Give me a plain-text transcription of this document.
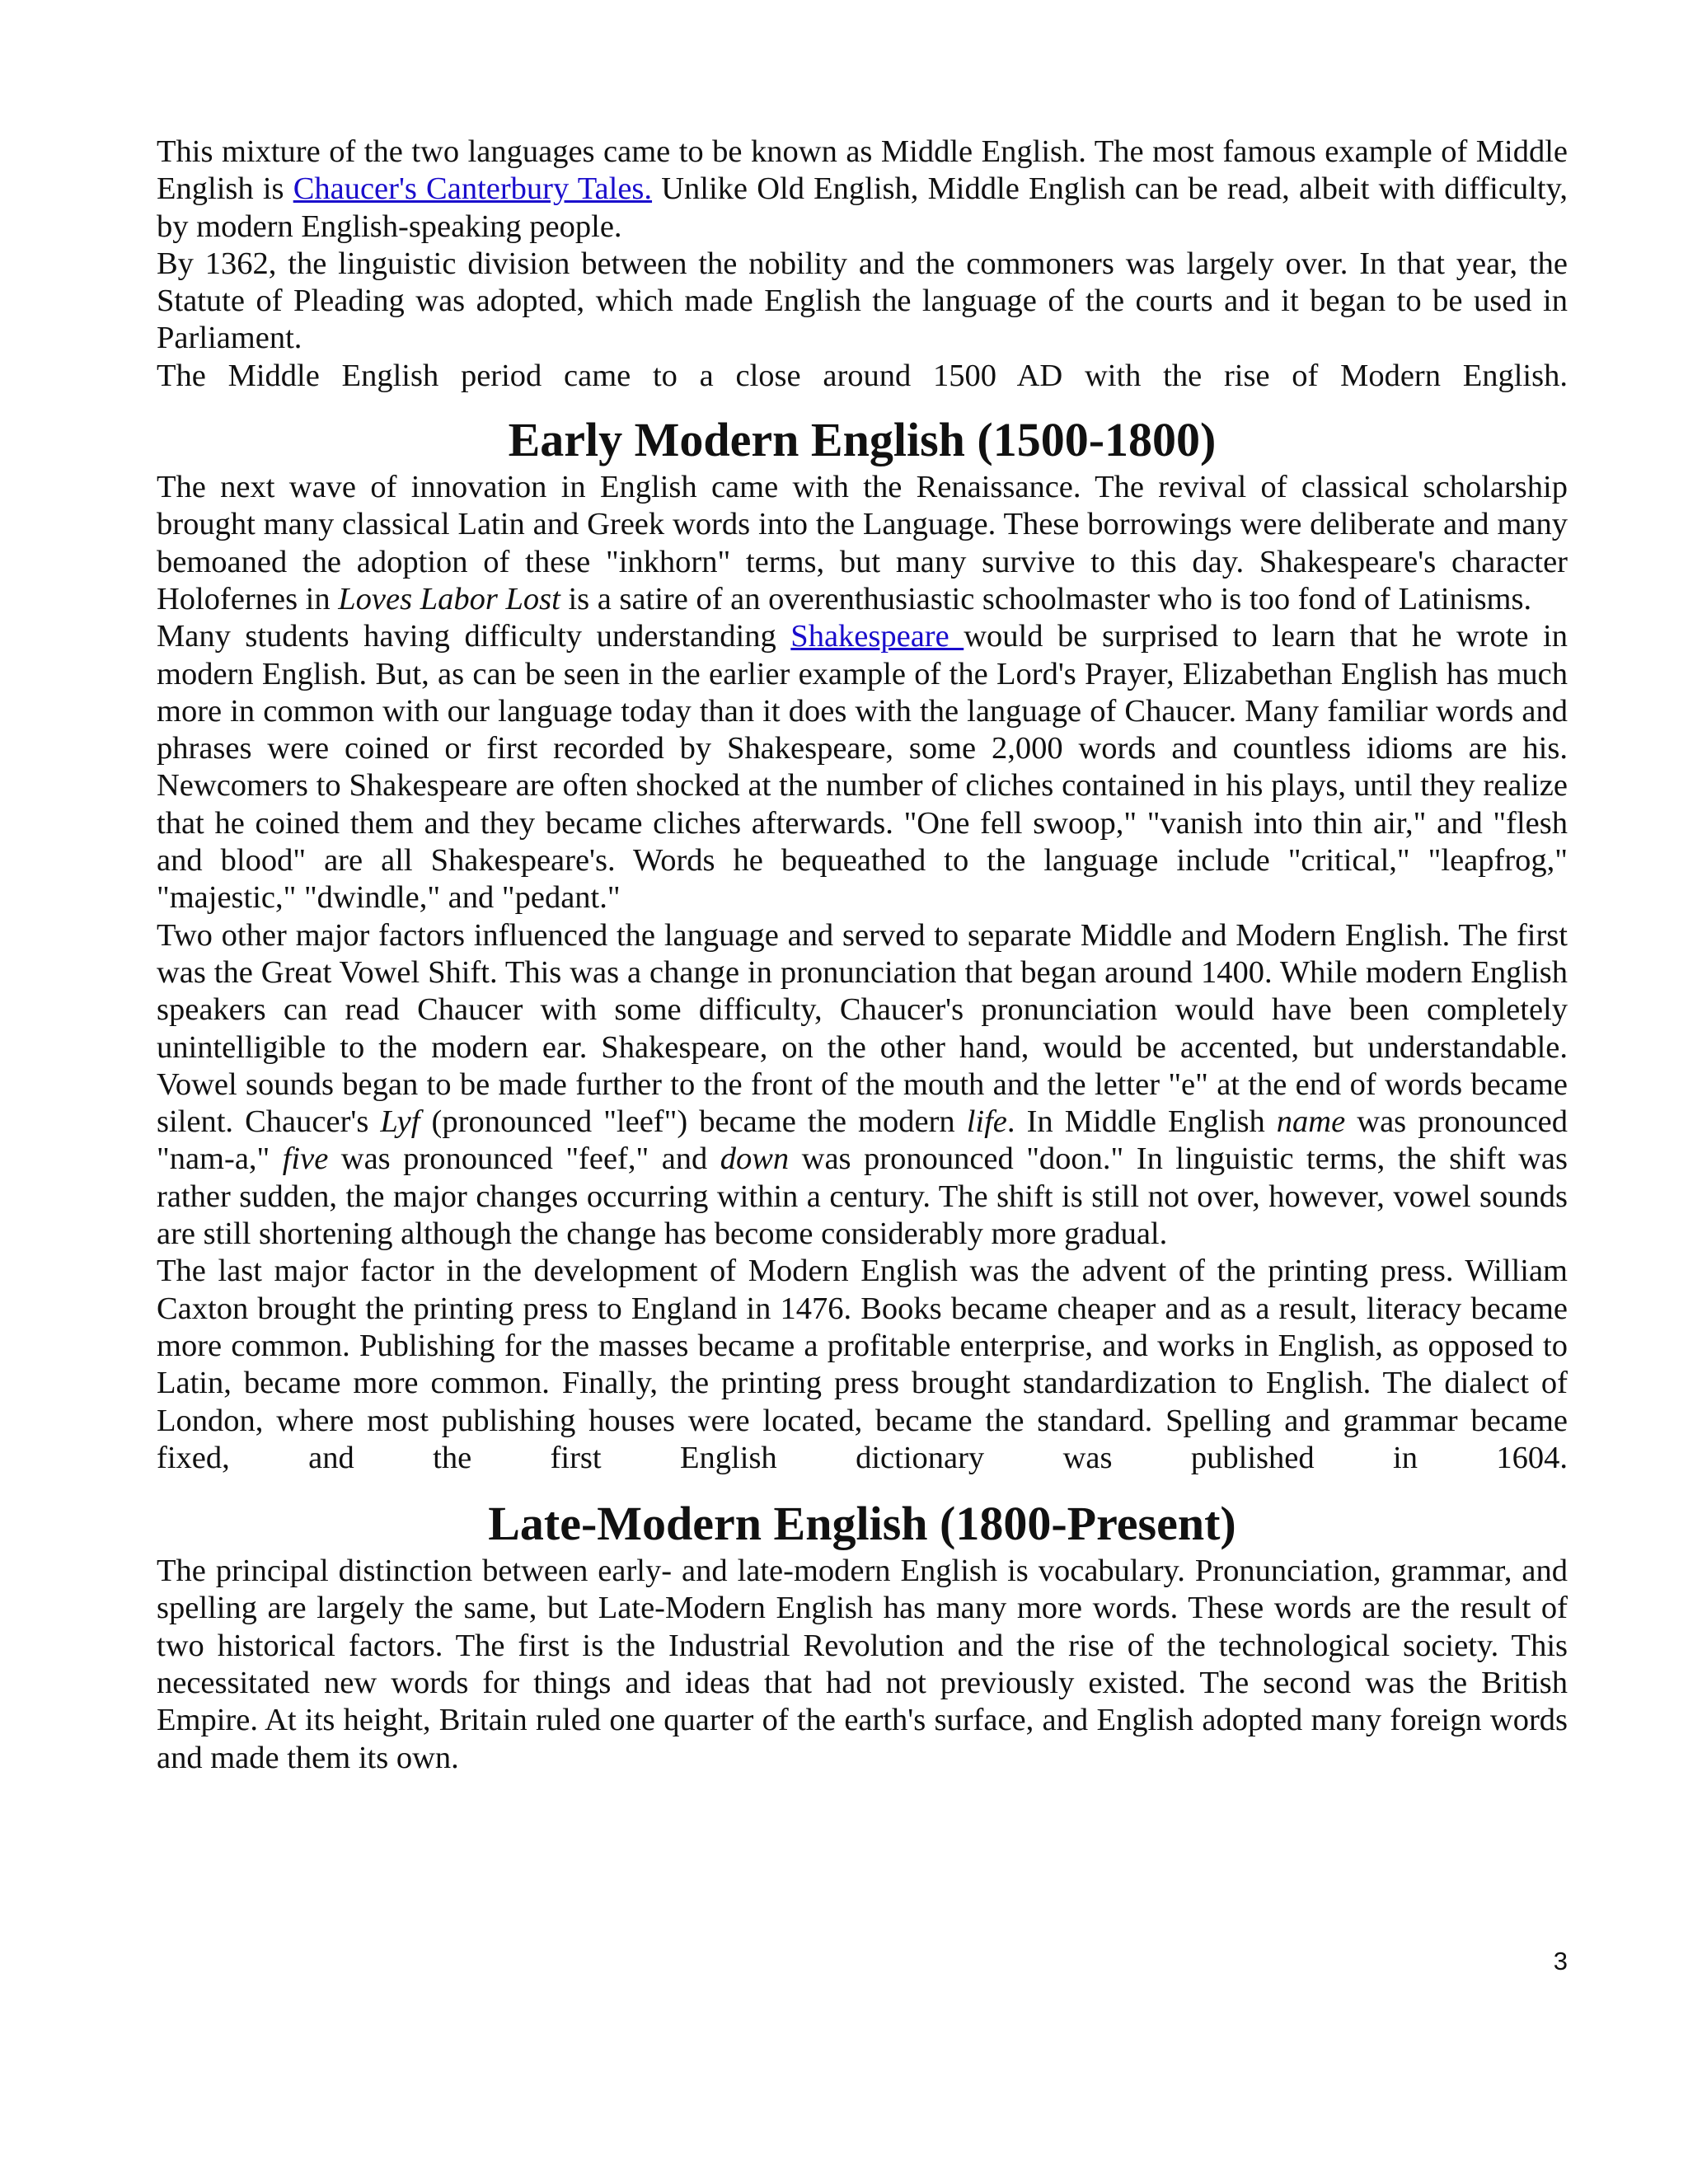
This mixture of the two languages came to be known as Middle English. The most famous example of Middle English is Chaucer's Canterbury Tales. Unlike Old English, Middle English can be read, albeit with difficulty, by modern English-speaking people.

By 1362, the linguistic division between the nobility and the commoners was largely over. In that year, the Statute of Pleading was adopted, which made English the language of the courts and it began to be used in Parliament.

The Middle English period came to a close around 1500 AD with the rise of Modern English.

Early Modern English (1500-1800)

The next wave of innovation in English came with the Renaissance. The revival of classical scholarship brought many classical Latin and Greek words into the Language. These borrowings were deliberate and many bemoaned the adoption of these "inkhorn" terms, but many survive to this day. Shakespeare's character Holofernes in Loves Labor Lost is a satire of an overenthusiastic schoolmaster who is too fond of Latinisms.

Many students having difficulty understanding Shakespeare would be surprised to learn that he wrote in modern English. But, as can be seen in the earlier example of the Lord's Prayer, Elizabethan English has much more in common with our language today than it does with the language of Chaucer. Many familiar words and phrases were coined or first recorded by Shakespeare, some 2,000 words and countless idioms are his. Newcomers to Shakespeare are often shocked at the number of cliches contained in his plays, until they realize that he coined them and they became cliches afterwards. "One fell swoop," "vanish into thin air," and "flesh and blood" are all Shakespeare's. Words he bequeathed to the language include "critical," "leapfrog," "majestic," "dwindle," and "pedant."

Two other major factors influenced the language and served to separate Middle and Modern English. The first was the Great Vowel Shift. This was a change in pronunciation that began around 1400. While modern English speakers can read Chaucer with some difficulty, Chaucer's pronunciation would have been completely unintelligible to the modern ear. Shakespeare, on the other hand, would be accented, but understandable. Vowel sounds began to be made further to the front of the mouth and the letter "e" at the end of words became silent. Chaucer's Lyf (pronounced "leef") became the modern life. In Middle English name was pronounced "nam-a," five was pronounced "feef," and down was pronounced "doon." In linguistic terms, the shift was rather sudden, the major changes occurring within a century. The shift is still not over, however, vowel sounds are still shortening although the change has become considerably more gradual.

The last major factor in the development of Modern English was the advent of the printing press. William Caxton brought the printing press to England in 1476. Books became cheaper and as a result, literacy became more common. Publishing for the masses became a profitable enterprise, and works in English, as opposed to Latin, became more common. Finally, the printing press brought standardization to English. The dialect of London, where most publishing houses were located, became the standard. Spelling and grammar became fixed, and the first English dictionary was published in 1604.

Late-Modern English (1800-Present)

The principal distinction between early- and late-modern English is vocabulary. Pronunciation, grammar, and spelling are largely the same, but Late-Modern English has many more words. These words are the result of two historical factors. The first is the Industrial Revolution and the rise of the technological society. This necessitated new words for things and ideas that had not previously existed. The second was the British Empire. At its height, Britain ruled one quarter of the earth's surface, and English adopted many foreign words and made them its own.

3
